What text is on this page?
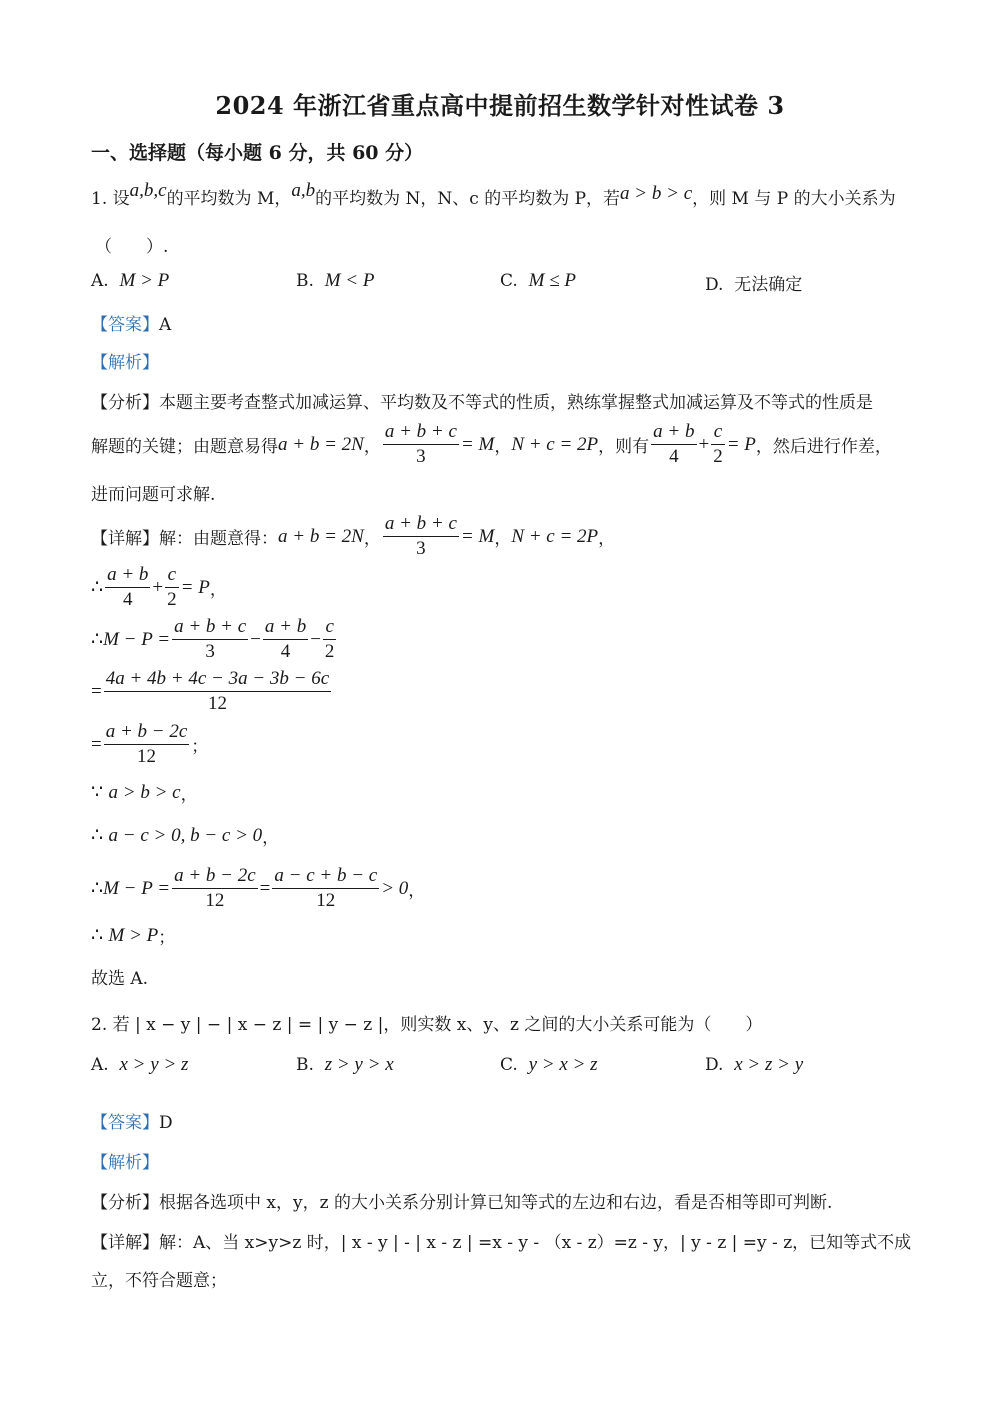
2024 年浙江省重点高中提前招生数学针对性试卷 3
一、选择题（每小题 6 分，共 60 分）
1. 设 a,b,c 的平均数为 M， a,b 的平均数为 N，N、c 的平均数为 P，若 a > b > c ，则 M 与 P 的大小关系为
（　　）.
A. M > P	B. M < P	C. M ≤ P	D. 无法确定
【答案】A
【解析】
【分析】本题主要考查整式加减运算、平均数及不等式的性质，熟练掌握整式加减运算及不等式的性质是
解题的关键；由题意易得 a + b = 2N ， $\frac{a + b + c}{3} = M$ ， N + c = 2P ，则有 $\frac{a + b}{4} + \frac{c}{2} = P$ ，然后进行作差，
进而问题可求解.
【详解】 解：由题意得： a + b = 2N ， $\frac{a + b + c}{3} = M$ ， N + c = 2P ，
∴ $\frac{a + b}{4} + \frac{c}{2} = P$ ，
∴ $M - P = \frac{a + b + c}{3} - \frac{a + b}{4} - \frac{c}{2}$
= $\frac{4a + 4b + 4c - 3a - 3b - 6c}{12}$
= $\frac{a + b - 2c}{12}$ ；
∵
a > b > c ，
∴
a − c > 0, b − c > 0 ，
∴ $M - P = \frac{a + b - 2c}{12} = \frac{a - c + b - c}{12} > 0$ ，
∴
M > P ；
故选 A.
2. 若 | x − y | − | x − z | = | y − z |，则实数 x、y、z 之间的大小关系可能为（　　）
A. x > y > z	B. z > y > x	C. y > x > z	D. x > z > y
【答案】D
【解析】
【分析】根据各选项中 x，y，z 的大小关系分别计算已知等式的左边和右边，看是否相等即可判断.
【详解】解：A、当 x>y>z 时，| x - y | - | x - z | =x - y - （x - z）=z - y，| y - z | =y - z，已知等式不成
立，不符合题意；
